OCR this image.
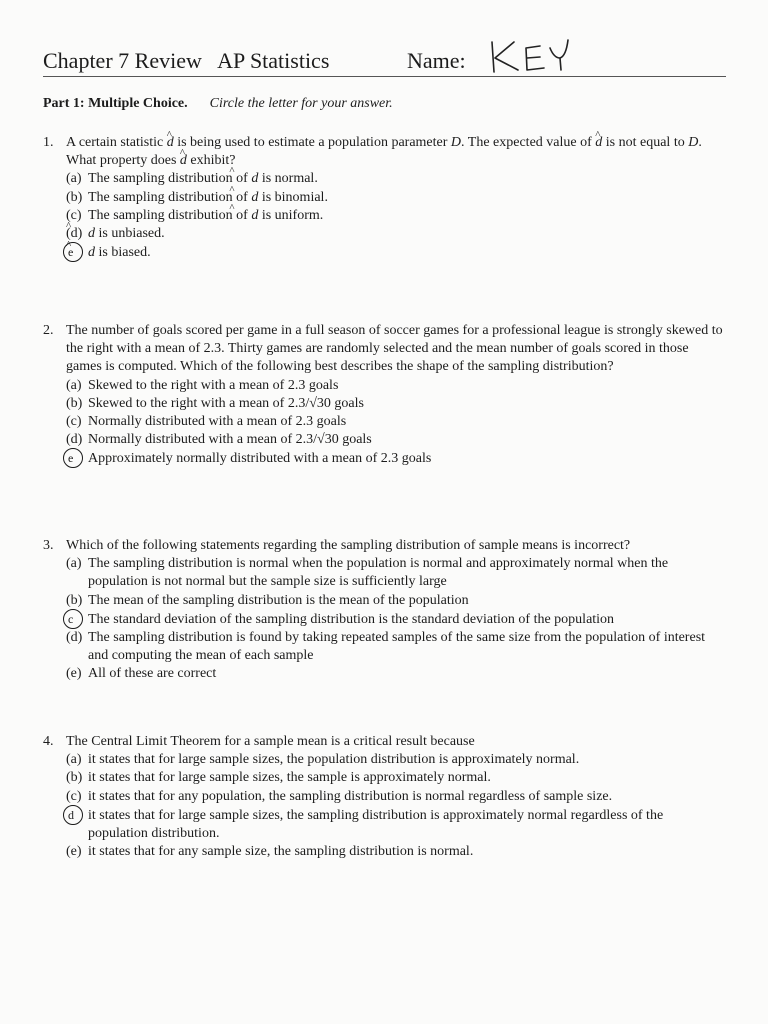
Chapter 7 Review   AP Statistics	Name:
Part 1: Multiple Choice. Circle the letter for your answer.
1. A certain statistic ^ d is being used to estimate a population parameter D. The expected value of ^ d is not equal to D. What property does ^ d exhibit?
(a) The sampling distribution of ^ d is normal.
(b) The sampling distribution of ^ d is binomial.
(c) The sampling distribution of ^ d is uniform.
(d) ^ d is unbiased.
e ^ d is biased.
2. The number of goals scored per game in a full season of soccer games for a professional league is strongly skewed to the right with a mean of 2.3. Thirty games are randomly selected and the mean number of goals scored in those games is computed. Which of the following best describes the shape of the sampling distribution?
(a) Skewed to the right with a mean of 2.3 goals
(b) Skewed to the right with a mean of 2.3/√30 goals
(c) Normally distributed with a mean of 2.3 goals
(d) Normally distributed with a mean of 2.3/√30 goals
e Approximately normally distributed with a mean of 2.3 goals
3. Which of the following statements regarding the sampling distribution of sample means is incorrect?
(a) The sampling distribution is normal when the population is normal and approximately normal when the population is not normal but the sample size is sufficiently large
(b) The mean of the sampling distribution is the mean of the population
c The standard deviation of the sampling distribution is the standard deviation of the population
(d) The sampling distribution is found by taking repeated samples of the same size from the population of interest and computing the mean of each sample
(e) All of these are correct
4. The Central Limit Theorem for a sample mean is a critical result because
(a) it states that for large sample sizes, the population distribution is approximately normal.
(b) it states that for large sample sizes, the sample is approximately normal.
(c) it states that for any population, the sampling distribution is normal regardless of sample size.
d it states that for large sample sizes, the sampling distribution is approximately normal regardless of the population distribution.
(e) it states that for any sample size, the sampling distribution is normal.
